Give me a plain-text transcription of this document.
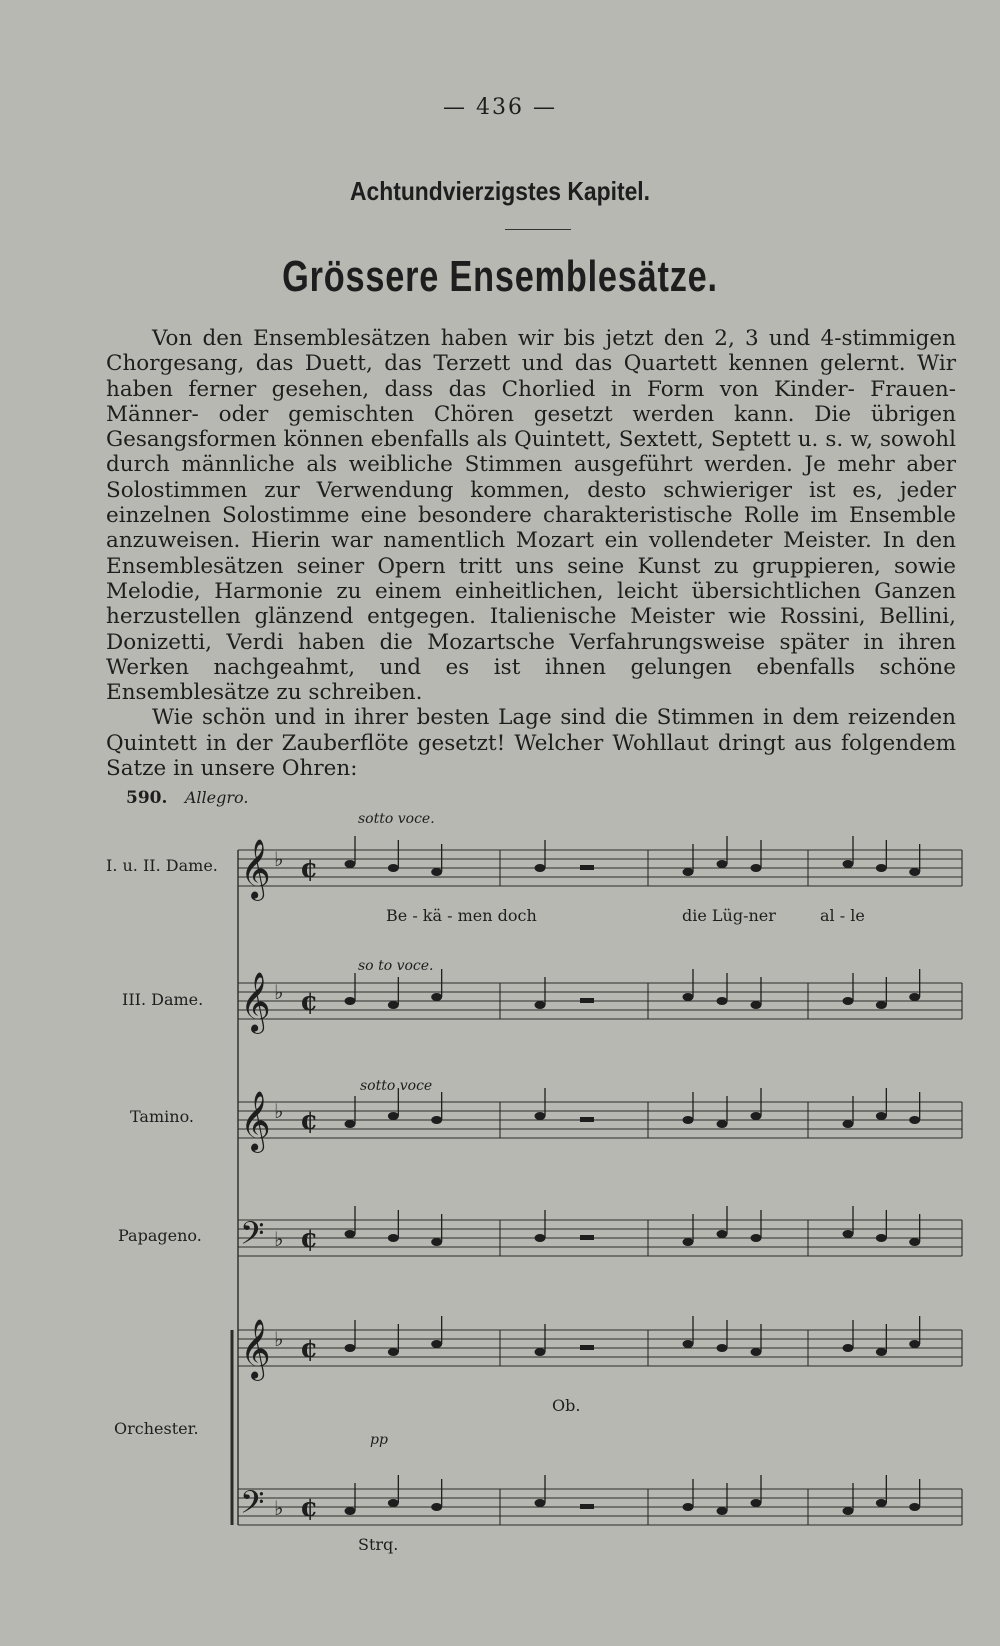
— 436 —
Achtundvierzigstes Kapitel.
Grössere Ensemblesätze.

Von den Ensemblesätzen haben wir bis jetzt den 2, 3 und 4-stimmigen Chorgesang, das Duett, das Terzett und das Quartett kennen gelernt. Wir haben ferner gesehen, dass das Chorlied in Form von Kinder- Frauen- Männer- oder gemischten Chören gesetzt werden kann. Die übrigen Gesangsformen können ebenfalls als Quintett, Sextett, Septett u. s. w, sowohl durch männliche als weibliche Stimmen ausgeführt werden. Je mehr aber Solostimmen zur Verwendung kommen, desto schwieriger ist es, jeder einzelnen Solostimme eine besondere charakteristische Rolle im Ensemble anzuweisen. Hierin war namentlich Mozart ein vollendeter Meister. In den Ensemblesätzen seiner Opern tritt uns seine Kunst zu gruppieren, sowie Melodie, Harmonie zu einem einheitlichen, leicht übersichtlichen Ganzen herzustellen glänzend entgegen. Italienische Meister wie Rossini, Bellini, Donizetti, Verdi haben die Mozartsche Verfahrungsweise später in ihren Werken nachgeahmt, und es ist ihnen gelungen ebenfalls schöne Ensemblesätze zu schreiben.

Wie schön und in ihrer besten Lage sind die Stimmen in dem reizenden Quintett in der Zauberflöte gesetzt! Welcher Wohllaut dringt aus folgendem Satze in unsere Ohren:

590. Allegro.
I. u. II. Dame.
III. Dame.
Tamino.
Papageno.
Orchester.
sotto voce.
so to voce.
sotto voce
pp
Be - kä - men doch	die Lüg-ner	al - le
Ob.
Strq.
𝄞 ♭ ¢
𝄞 ♭ ¢
𝄞 ♭ ¢
𝄢 ♭ ¢
𝄞 ♭ ¢
𝄢 ♭ ¢
